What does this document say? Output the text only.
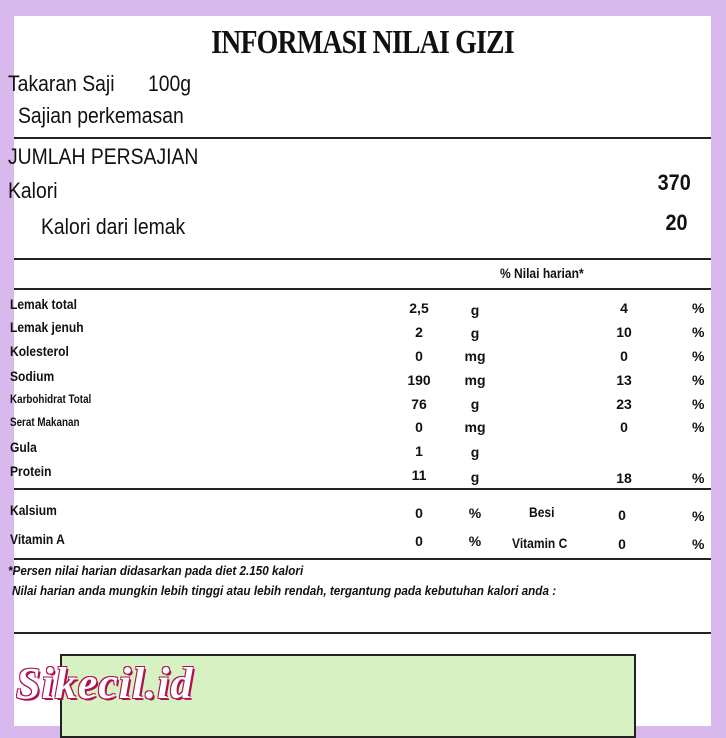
INFORMASI NILAI GIZI
Takaran Saji 100g
Sajian perkemasan
JUMLAH PERSAJIAN
Kalori	370
Kalori dari lemak	20
% Nilai harian*
Lemak total	2,5	g	4	%
Lemak jenuh	2	g	10	%
Kolesterol	0	mg	0	%
Sodium	190	mg	13	%
Karbohidrat Total	76	g	23	%
Serat Makanan	0	mg	0	%
Gula	1	g
Protein	11	g	18	%
Kalsium	0	%	Besi	0	%
Vitamin A	0	%	Vitamin C	0	%
*Persen nilai harian didasarkan pada diet 2.150 kalori
Nilai harian anda mungkin lebih tinggi atau lebih rendah, tergantung pada kebutuhan kalori anda :
Sikecil.id
